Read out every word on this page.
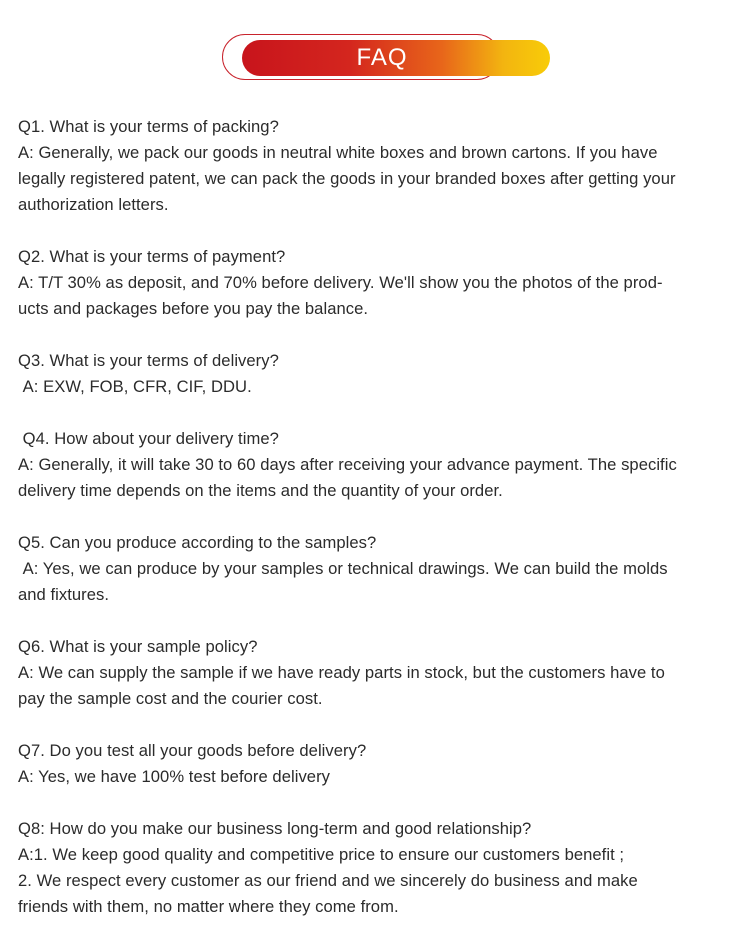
FAQ

Q1. What is your terms of packing?

A: Generally, we pack our goods in neutral white boxes and brown cartons. If you have

legally registered patent, we can pack the goods in your branded boxes after getting your

authorization letters.

Q2. What is your terms of payment?

A: T/T 30% as deposit, and 70% before delivery. We'll show you the photos of the prod-

ucts and packages before you pay the balance.

Q3. What is your terms of delivery?

A: EXW, FOB, CFR, CIF, DDU.

Q4. How about your delivery time?

A: Generally, it will take 30 to 60 days after receiving your advance payment. The specific

delivery time depends on the items and the quantity of your order.

Q5. Can you produce according to the samples?

A: Yes, we can produce by your samples or technical drawings. We can build the molds

and fixtures.

Q6. What is your sample policy?

A: We can supply the sample if we have ready parts in stock, but the customers have to

pay the sample cost and the courier cost.

Q7. Do you test all your goods before delivery?

A: Yes, we have 100% test before delivery

Q8: How do you make our business long-term and good relationship?

A:1. We keep good quality and competitive price to ensure our customers benefit ;

2. We respect every customer as our friend and we sincerely do business and make

friends with them, no matter where they come from.
